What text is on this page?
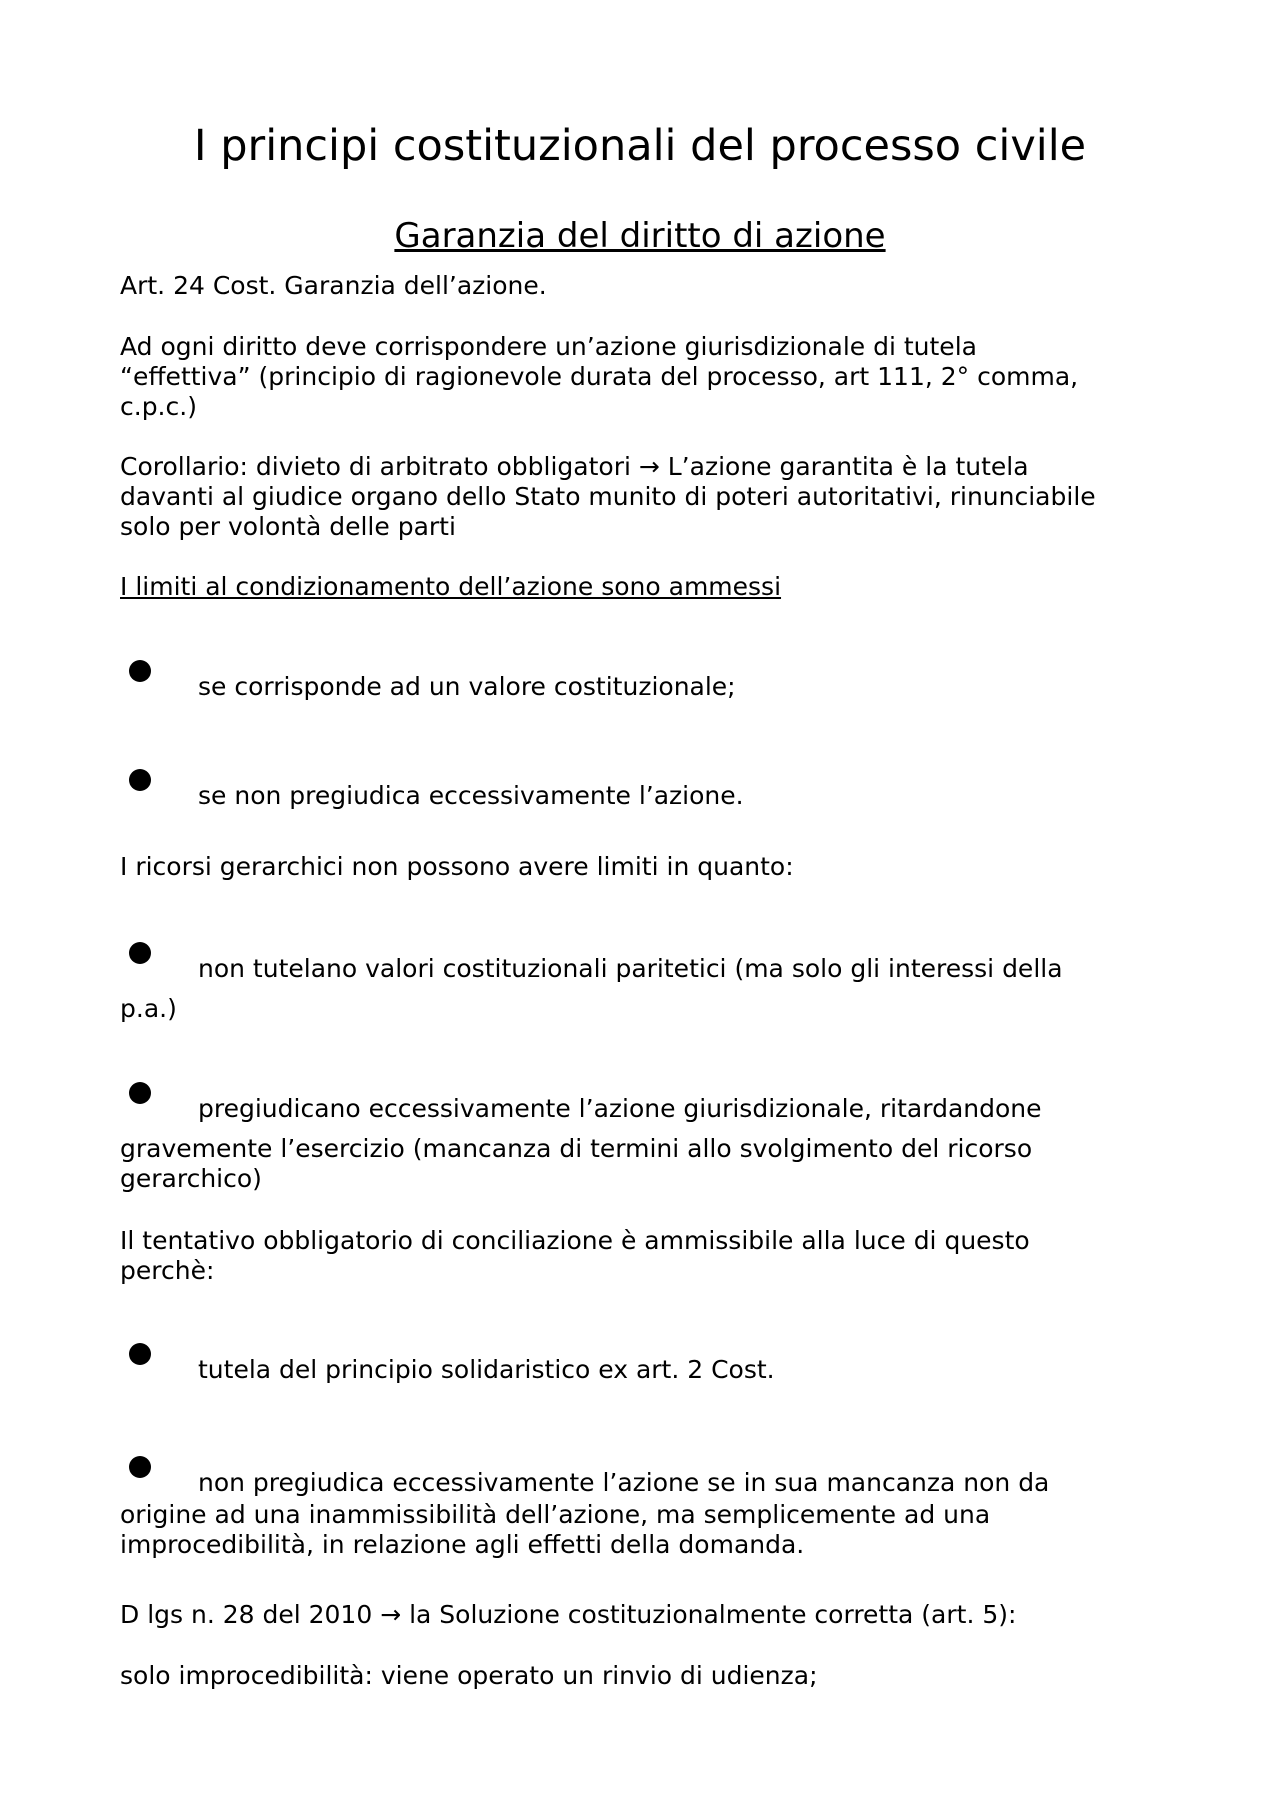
I principi costituzionali del processo civile
Garanzia del diritto di azione

Art. 24 Cost. Garanzia dell’azione.

Ad ogni diritto deve corrispondere un’azione giurisdizionale di tutela
“effettiva” (principio di ragionevole durata del processo, art 111, 2° comma,
c.p.c.)
Corollario: divieto di arbitrato obbligatori → L’azione garantita è la tutela
davanti al giudice organo dello Stato munito di poteri autoritativi, rinunciabile
solo per volontà delle parti

I limiti al condizionamento dell’azione sono ammessi

se corrisponde ad un valore costituzionale;

se non pregiudica eccessivamente l’azione.

I ricorsi gerarchici non possono avere limiti in quanto:

non tutelano valori costituzionali paritetici (ma solo gli interessi della
p.a.)
pregiudicano eccessivamente l’azione giurisdizionale, ritardandone
gravemente l’esercizio (mancanza di termini allo svolgimento del ricorso
gerarchico)
Il tentativo obbligatorio di conciliazione è ammissibile alla luce di questo
perchè:

tutela del principio solidaristico ex art. 2 Cost.

non pregiudica eccessivamente l’azione se in sua mancanza non da
origine ad una inammissibilità dell’azione, ma semplicemente ad una
improcedibilità, in relazione agli effetti della domanda.

D lgs n. 28 del 2010 → la Soluzione costituzionalmente corretta (art. 5):

solo improcedibilità: viene operato un rinvio di udienza;
